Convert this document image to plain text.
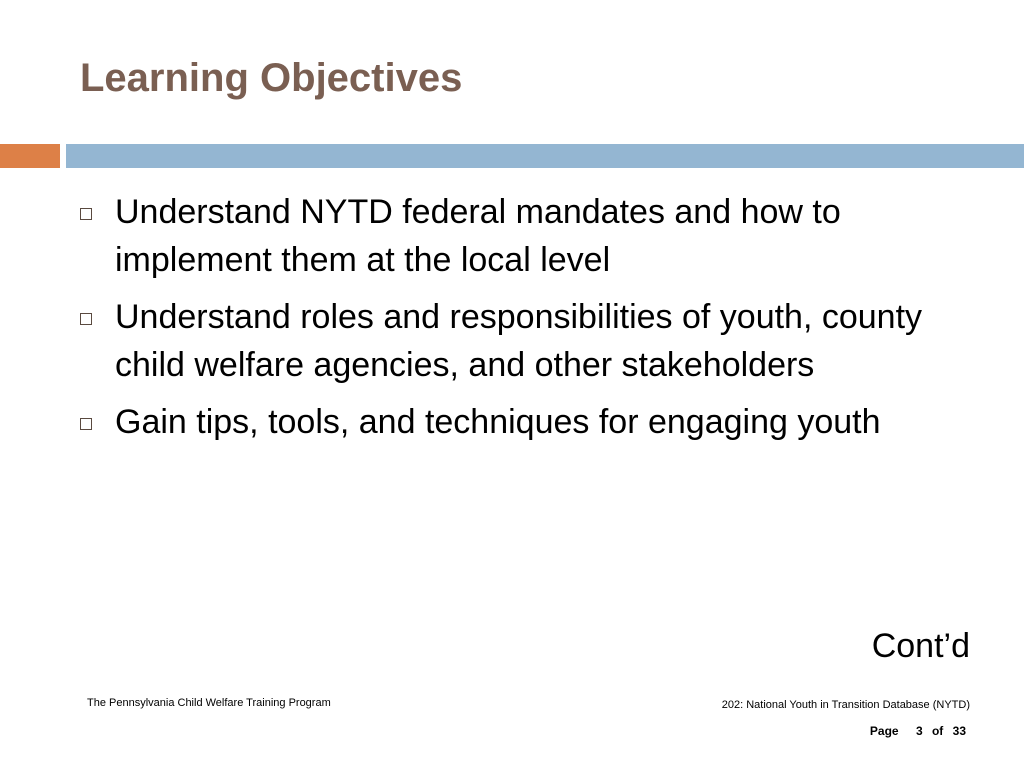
Learning Objectives
Understand NYTD federal mandates and how to implement them at the local level
Understand roles and responsibilities of youth, county child welfare agencies, and other stakeholders
Gain tips, tools, and techniques for engaging youth
Cont’d
The Pennsylvania Child Welfare Training Program	202: National Youth in Transition Database (NYTD)
Page 3 of 33
